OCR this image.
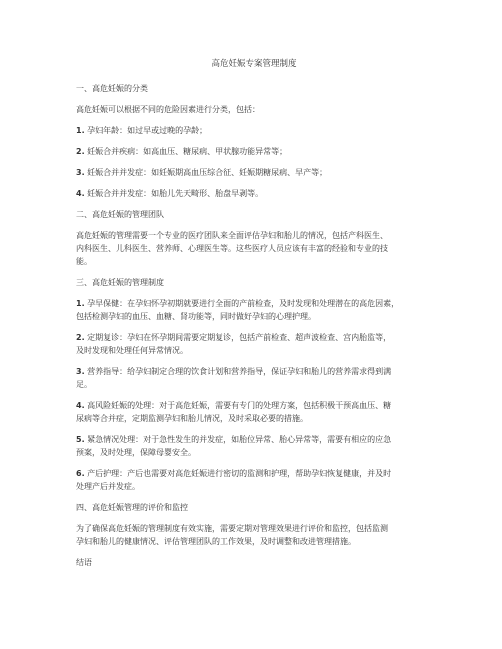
高危妊娠专案管理制度
一、高危妊娠的分类
高危妊娠可以根据不同的危险因素进行分类，包括：
1. 孕妇年龄：如过早或过晚的孕龄；
2. 妊娠合并疾病：如高血压、糖尿病、甲状腺功能异常等；
3. 妊娠合并并发症：如妊娠期高血压综合征、妊娠期糖尿病、早产等；
4. 妊娠合并并发症：如胎儿先天畸形、胎盘早剥等。
二、高危妊娠的管理团队
高危妊娠的管理需要一个专业的医疗团队来全面评估孕妇和胎儿的情况，包括产科医生、
内科医生、儿科医生、营养师、心理医生等。这些医疗人员应该有丰富的经验和专业的技
能。
三、高危妊娠的管理制度
1. 孕早保健：在孕妇怀孕初期就要进行全面的产前检查，及时发现和处理潜在的高危因素，
包括检测孕妇的血压、血糖、肾功能等，同时做好孕妇的心理护理。
2. 定期复诊：孕妇在怀孕期间需要定期复诊，包括产前检查、超声波检查、宫内胎监等，
及时发现和处理任何异常情况。
3. 营养指导：给孕妇制定合理的饮食计划和营养指导，保证孕妇和胎儿的营养需求得到满
足。
4. 高风险妊娠的处理：对于高危妊娠，需要有专门的处理方案，包括积极干预高血压、糖
尿病等合并症，定期监测孕妇和胎儿情况，及时采取必要的措施。
5. 紧急情况处理：对于急性发生的并发症，如胎位异常、胎心异常等，需要有相应的应急
预案，及时处理，保障母婴安全。
6. 产后护理：产后也需要对高危妊娠进行密切的监测和护理，帮助孕妇恢复健康，并及时
处理产后并发症。
四、高危妊娠管理的评价和监控
为了确保高危妊娠的管理制度有效实施，需要定期对管理效果进行评价和监控，包括监测
孕妇和胎儿的健康情况、评估管理团队的工作效果，及时调整和改进管理措施。
结语
